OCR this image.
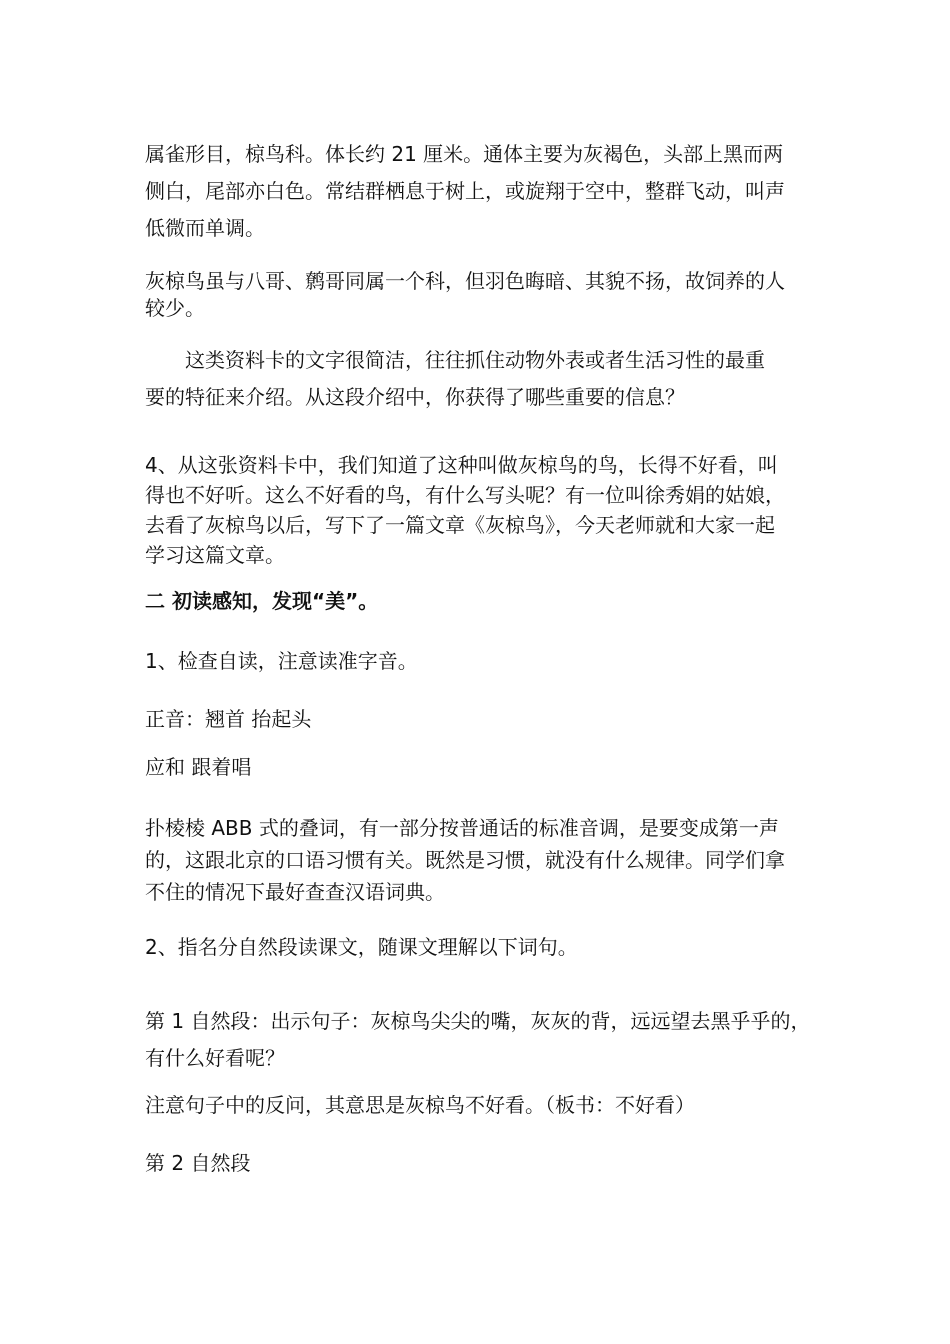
属雀形目，椋鸟科。体长约 21 厘米。通体主要为灰褐色，头部上黑而两
侧白，尾部亦白色。常结群栖息于树上，或旋翔于空中，整群飞动，叫声
低微而单调。
灰椋鸟虽与八哥、鹩哥同属一个科，但羽色晦暗、其貌不扬，故饲养的人
较少。
　　这类资料卡的文字很简洁，往往抓住动物外表或者生活习性的最重
要的特征来介绍。从这段介绍中，你获得了哪些重要的信息？
4、从这张资料卡中，我们知道了这种叫做灰椋鸟的鸟，长得不好看，叫
得也不好听。这么不好看的鸟，有什么写头呢？有一位叫徐秀娟的姑娘，
去看了灰椋鸟以后，写下了一篇文章《灰椋鸟》，今天老师就和大家一起
学习这篇文章。
二 初读感知，发现“美”。
1、检查自读，注意读准字音。
正音：翘首 抬起头
应和 跟着唱
扑棱棱 ABB 式的叠词，有一部分按普通话的标准音调，是要变成第一声
的，这跟北京的口语习惯有关。既然是习惯，就没有什么规律。同学们拿
不住的情况下最好查查汉语词典。
2、指名分自然段读课文，随课文理解以下词句。
第 1 自然段：出示句子：灰椋鸟尖尖的嘴，灰灰的背，远远望去黑乎乎的，
有什么好看呢？
注意句子中的反问，其意思是灰椋鸟不好看。（板书：不好看）
第 2 自然段
